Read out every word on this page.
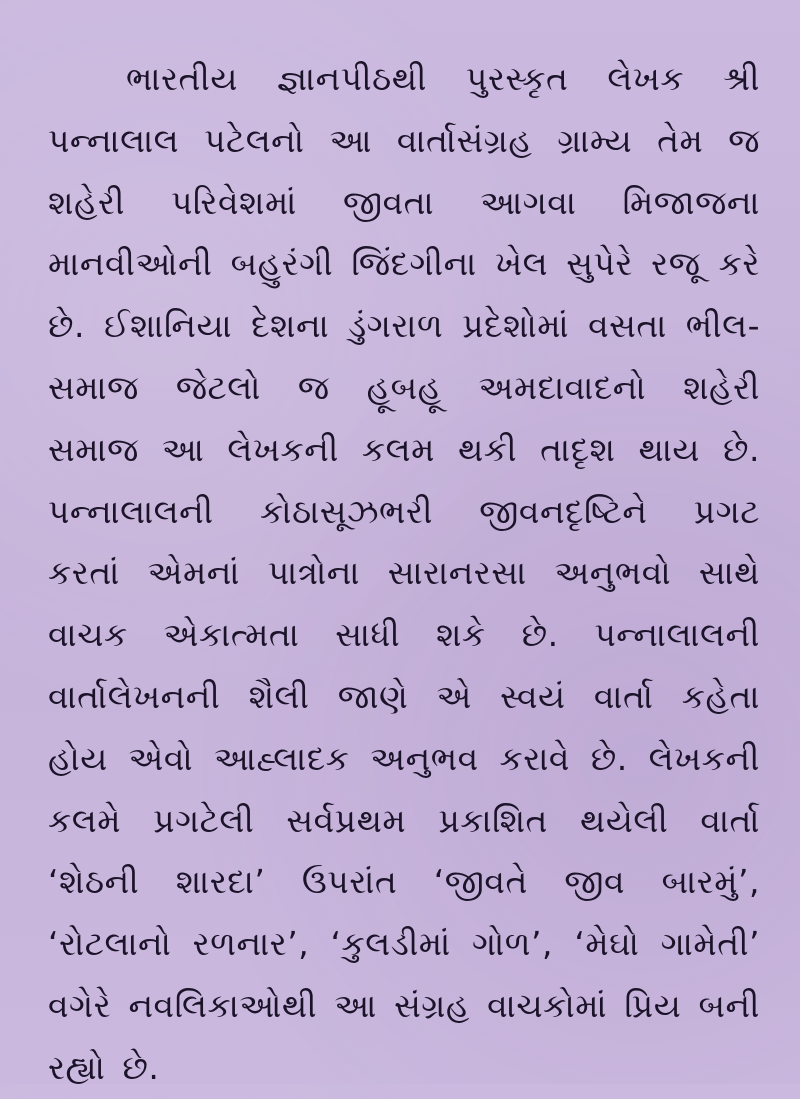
ભારતીય જ્ઞાનપીઠથી પુરસ્કૃત લેખક શ્રી પન્નાલાલ પટેલનો આ વાર્તાસંગ્રહ ગ્રામ્ય તેમ જ શહેરી પરિવેશમાં જીવતા આગવા મિજાજના માનવીઓની બહુરંગી જિંદગીના ખેલ સુપેરે રજૂ કરે છે. ઈશાનિયા દેશના ડુંગરાળ પ્રદેશોમાં વસતા ભીલ-સમાજ જેટલો જ હૂબહૂ અમદાવાદનો શહેરી સમાજ આ લેખકની કલમ થકી તાદૃશ થાય છે. પન્નાલાલની કોઠાસૂઝભરી જીવનદૃષ્ટિને પ્રગટ કરતાં એમનાં પાત્રોના સારાનરસા અનુભવો સાથે વાચક એકાત્મતા સાધી શકે છે. પન્નાલાલની વાર્તાલેખનની શૈલી જાણે એ સ્વયં વાર્તા કહેતા હોય એવો આહ્લાદક અનુભવ કરાવે છે. લેખકની કલમે પ્રગટેલી સર્વપ્રથમ પ્રકાશિત થયેલી વાર્તા ‘શેઠની શારદા’ ઉપરાંત ‘જીવતે જીવ બારમું’, ‘રોટલાનો રળનાર’, ‘કુલડીમાં ગોળ’, ‘મેઘો ગામેતી’ વગેરે નવલિકાઓથી આ સંગ્રહ વાચકોમાં પ્રિય બની રહ્યો છે.
